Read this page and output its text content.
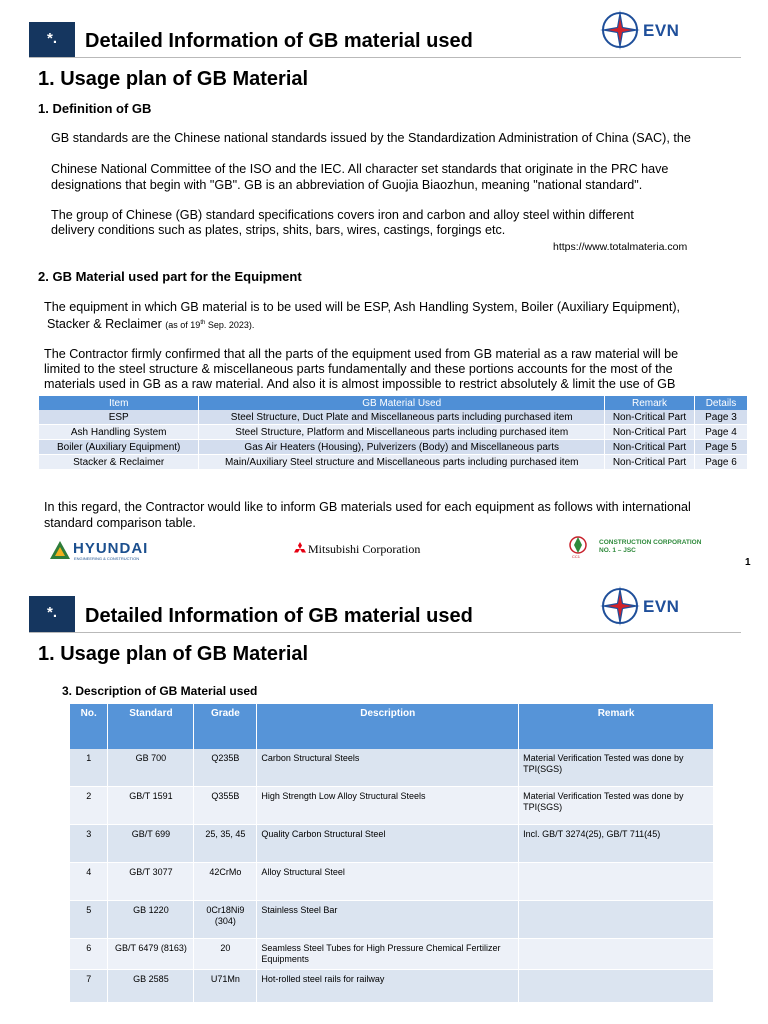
*.	Detailed Information of GB material used	EVN
1. Usage plan of GB Material
1. Definition of GB
GB standards are the Chinese national standards issued by the Standardization Administration of China (SAC), the
Chinese National Committee of the ISO and the IEC. All character set standards that originate in the PRC have
designations that begin with "GB". GB is an abbreviation of Guojia Biaozhun, meaning "national standard".
The group of Chinese (GB) standard specifications covers iron and carbon and alloy steel within different
delivery conditions such as plates, strips, shits, bars, wires, castings, forgings etc.
https://www.totalmateria.com
2. GB Material used part for the Equipment
The equipment in which GB material is to be used will be ESP, Ash Handling System, Boiler (Auxiliary Equipment),
Stacker & Reclaimer (as of 19th Sep. 2023).
The Contractor firmly confirmed that all the parts of the equipment used from GB material as a raw material will be
limited to the steel structure & miscellaneous parts fundamentally and these portions accounts for the most of the
materials used in GB as a raw material. And also it is almost impossible to restrict absolutely & limit the use of GB
Item	GB Material Used	Remark	Details
ESP	Steel Structure, Duct Plate and Miscellaneous parts including purchased item	Non-Critical Part	Page 3
Ash Handling System	Steel Structure, Platform and Miscellaneous parts including purchased item	Non-Critical Part	Page 4
Boiler (Auxiliary Equipment)	Gas Air Heaters (Housing), Pulverizers (Body) and Miscellaneous parts	Non-Critical Part	Page 5
Stacker & Reclaimer	Main/Auxiliary Steel structure and Miscellaneous parts including purchased item	Non-Critical Part	Page 6
In this regard, the Contractor would like to inform GB materials used for each equipment as follows with international
standard comparison table.
HYUNDAI
ENGINEERING & CONSTRUCTION
Mitsubishi Corporation
CC1
CONSTRUCTION CORPORATION
NO. 1 – JSC
1
*.	Detailed Information of GB material used	EVN
1. Usage plan of GB Material
3. Description of GB Material used
No.	Standard	Grade	Description	Remark
1	GB 700	Q235B	Carbon Structural Steels	Material Verification Tested was done by TPI(SGS)
2	GB/T 1591	Q355B	High Strength Low Alloy Structural Steels	Material Verification Tested was done by TPI(SGS)
3	GB/T 699	25, 35, 45	Quality Carbon Structural Steel	Incl. GB/T 3274(25), GB/T 711(45)
4	GB/T 3077	42CrMo	Alloy Structural Steel	
5	GB 1220	0Cr18Ni9 (304)	Stainless Steel Bar	
6	GB/T 6479 (8163)	20	Seamless Steel Tubes for High Pressure Chemical Fertilizer Equipments	
7	GB 2585	U71Mn	Hot-rolled steel rails for railway	
